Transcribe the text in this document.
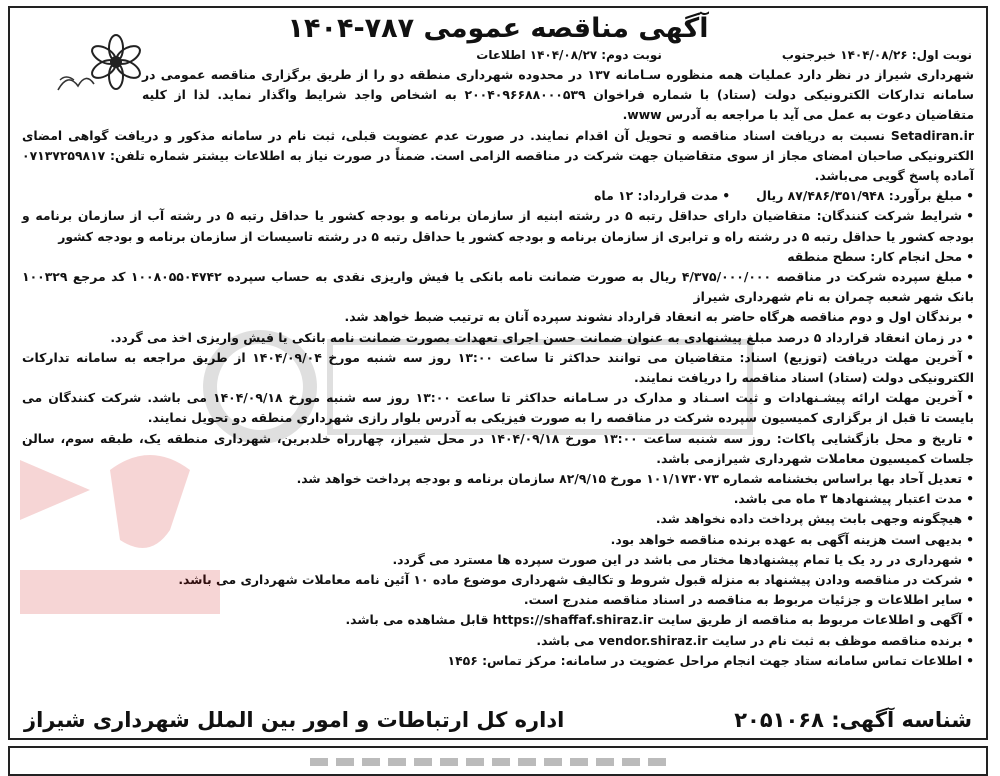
آگهی مناقصه عمومی ۷۸۷-۱۴۰۴
نوبت اول: ۱۴۰۴/۰۸/۲۶ خبرجنوب
نوبت دوم: ۱۴۰۴/۰۸/۲۷ اطلاعات

شهرداری شیراز در نظر دارد عملیات همه منظوره سـامانه ۱۳۷ در محدوده شهرداری منطقه دو را از طریق برگزاری مناقصه عمومی در سامانه تدارکات الکترونیکی دولت (ستاد) با شماره فراخوان ۲۰۰۴۰۹۶۶۸۸۰۰۰۵۳۹ به اشخاص واجد شرایط واگذار نماید. لذا از کلیه متقاضیان دعوت به عمل می آید با مراجعه به آدرس www.

Setadiran.ir نسبت به دریافت اسناد مناقصه و تحویل آن اقدام نمایند. در صورت عدم عضویت قبلی، ثبت نام در سامانه مذکور و دریافت گواهی امضای الکترونیکی صاحبان امضای مجاز از سوی متقاضیان جهت شرکت در مناقصه الزامی است. ضمناً در صورت نیاز به اطلاعات بیشتر شماره تلفن: ۰۷۱۳۷۲۵۹۸۱۷ آماده پاسخ گویی می‌باشد.

• مبلغ برآورد: ۸۷/۴۸۶/۳۵۱/۹۴۸ ریال
• مدت قرارداد: ۱۲ ماه
• شرایط شرکت کنندگان: متقاضیان دارای حداقل رتبه ۵ در رشته ابنیه از سازمان برنامه و بودجه کشور یا حداقل رتبه ۵ در رشته آب از سازمان برنامه و بودجه کشور یا حداقل رتبه ۵ در رشته راه و ترابری از سازمان برنامه و بودجه کشور یا حداقل رتبه ۵ در رشته تاسیسات از سازمان برنامه و بودجه کشور
• محل انجام کار: سطح منطقه
• مبلغ سپرده شرکت در مناقصه ۴/۳۷۵/۰۰۰/۰۰۰ ریال به صورت ضمانت نامه بانکی یا فیش واریزی نقدی به حساب سپرده ۱۰۰۸۰۵۵۰۴۷۴۲ کد مرجع ۱۰۰۳۲۹ بانک شهر شعبه چمران به نام شهرداری شیراز
• برندگان اول و دوم مناقصه هرگاه حاضر به انعقاد قرارداد نشوند سپرده آنان به ترتیب ضبط خواهد شد.
• در زمان انعقاد قرارداد ۵ درصد مبلغ پیشنهادی به عنوان ضمانت حسن اجرای تعهدات بصورت ضمانت نامه بانکی یا فیش واریزی اخذ می گردد.
• آخرین مهلت دریافت (توزیع) اسناد: متقاضیان می توانند حداکثر تا ساعت ۱۳:۰۰ روز سه شنبه مورخ ۱۴۰۴/۰۹/۰۴ از طریق مراجعه به سامانه تدارکات الکترونیکی دولت (ستاد) اسناد مناقصه را دریافت نمایند.
• آخرین مهلت ارائه پیشـنهادات و ثبت اسـناد و مدارک در سـامانه حداکثر تا ساعت ۱۳:۰۰ روز سه شنبه مورخ ۱۴۰۴/۰۹/۱۸ می باشد. شرکت کنندگان می بایست تا قبل از برگزاری کمیسیون سپرده شرکت در مناقصه را به صورت فیزیکی به آدرس بلوار رازی شهرداری منطقه دو تحویل نمایند.
• تاریخ و محل بازگشایی پاکات: روز سه شنبه ساعت ۱۳:۰۰ مورخ ۱۴۰۴/۰۹/۱۸ در محل شیراز، چهارراه خلدبرین، شهرداری منطقه یک، طبقه سوم، سالن جلسات کمیسیون معاملات شهرداری شیرازمی باشد.
• تعدیل آحاد بها براساس بخشنامه شماره ۱۰۱/۱۷۳۰۷۳ مورخ ۸۲/۹/۱۵ سازمان برنامه و بودجه پرداخت خواهد شد.
• مدت اعتبار پیشنهادها ۳ ماه می باشد.
• هیچگونه وجهی بابت پیش پرداخت داده نخواهد شد.
• بدیهی است هزینه آگهی به عهده برنده مناقصه خواهد بود.
• شهرداری در رد یک یا تمام پیشنهادها مختار می باشد در این صورت سپرده ها مسترد می گردد.
• شرکت در مناقصه ودادن پیشنهاد به منزله قبول شروط و تکالیف شهرداری موضوع ماده ۱۰ آئین نامه معاملات شهرداری می باشد.
• سایر اطلاعات و جزئیات مربوط به مناقصه در اسناد مناقصه مندرج است.
• آگهی و اطلاعات مربوط به مناقصه از طریق سایت https://shaffaf.shiraz.ir قابل مشاهده می باشد.
• برنده مناقصه موظف به ثبت نام در سایت vendor.shiraz.ir می باشد.
• اطلاعات تماس سامانه ستاد جهت انجام مراحل عضویت در سامانه: مرکز تماس: ۱۴۵۶
شناسه آگهی: ۲۰۵۱۰۶۸
اداره کل ارتباطات و امور بین الملل شهرداری شیراز
